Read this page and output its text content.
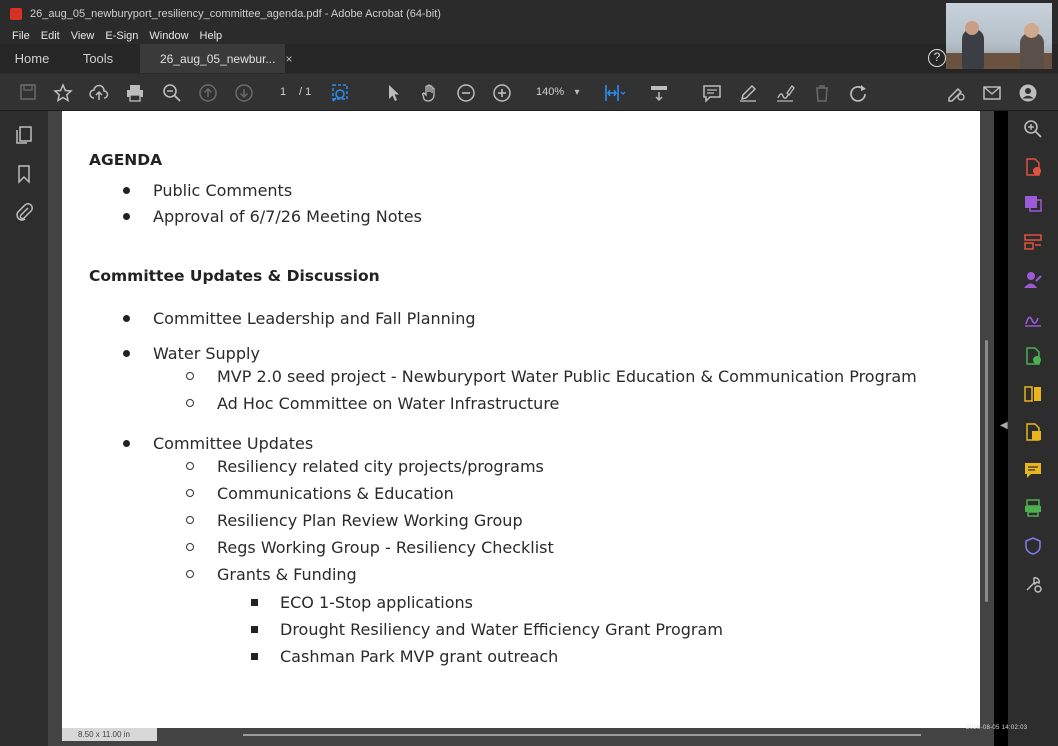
26_aug_05_newburyport_resiliency_committee_agenda.pdf - Adobe Acrobat (64-bit)
File Edit View E-Sign Window Help
Home	Tools	26_aug_05_newbur... ×	?
1 / 1	140%	▾
AGENDA
Public Comments
Approval of 6/7/26 Meeting Notes
Committee Updates & Discussion
Committee Leadership and Fall Planning
Water Supply
MVP 2.0 seed project - Newburyport Water Public Education & Communication Program
Ad Hoc Committee on Water Infrastructure
Committee Updates
Resiliency related city projects/programs
Communications & Education
Resiliency Plan Review Working Group
Regs Working Group - Resiliency Checklist
Grants & Funding
ECO 1-Stop applications
Drought Resiliency and Water Efficiency Grant Program
Cashman Park MVP grant outreach
◀
8.50 x 11.00 in
2026-08-05 14:02:03
